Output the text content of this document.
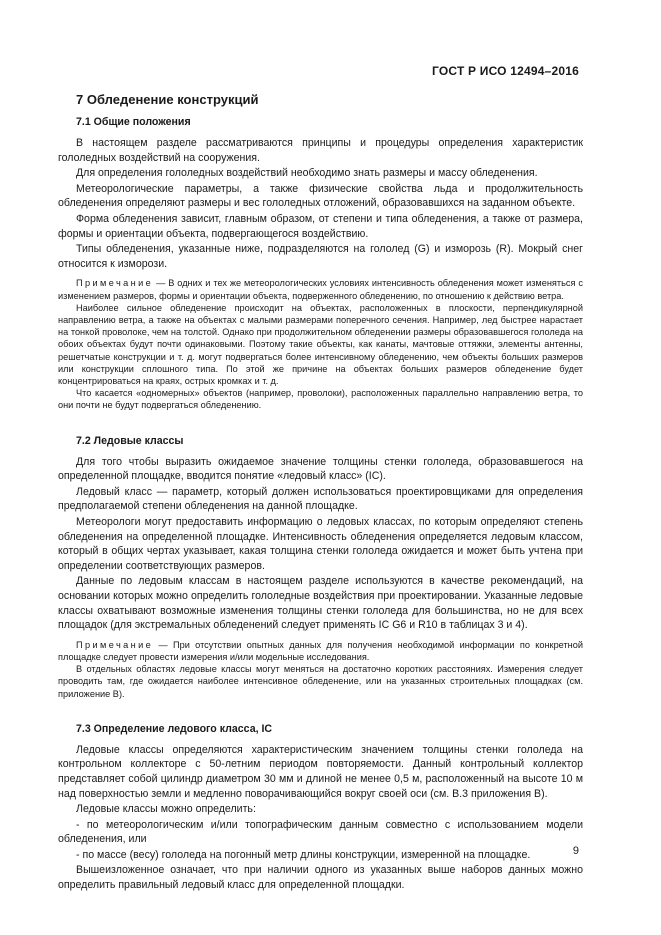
ГОСТ Р ИСО 12494–2016
7 Обледенение конструкций
7.1 Общие положения

В настоящем разделе рассматриваются принципы и процедуры определения характеристик гололедных воздействий на сооружения.

Для определения гололедных воздействий необходимо знать размеры и массу обледенения.

Метеорологические параметры, а также физические свойства льда и продолжительность обледенения определяют размеры и вес гололедных отложений, образовавшихся на заданном объекте.

Форма обледенения зависит, главным образом, от степени и типа обледенения, а также от размера, формы и ориентации объекта, подвергающегося воздействию.

Типы обледенения, указанные ниже, подразделяются на гололед (G) и изморозь (R). Мокрый снег относится к изморози.

Примечание — В одних и тех же метеорологических условиях интенсивность обледенения может изменяться с изменением размеров, формы и ориентации объекта, подверженного обледенению, по отношению к действию ветра.

Наиболее сильное обледенение происходит на объектах, расположенных в плоскости, перпендикулярной направлению ветра, а также на объектах с малыми размерами поперечного сечения. Например, лед быстрее нарастает на тонкой проволоке, чем на толстой. Однако при продолжительном обледенении размеры образовавшегося гололеда на обоих объектах будут почти одинаковыми. Поэтому такие объекты, как канаты, мачтовые оттяжки, элементы антенны, решетчатые конструкции и т. д. могут подвергаться более интенсивному обледенению, чем объекты больших размеров или конструкции сплошного типа. По этой же причине на объектах больших размеров обледенение будет концентрироваться на краях, острых кромках и т. д.

Что касается «одномерных» объектов (например, проволоки), расположенных параллельно направлению ветра, то они почти не будут подвергаться обледенению.

7.2 Ледовые классы

Для того чтобы выразить ожидаемое значение толщины стенки гололеда, образовавшегося на определенной площадке, вводится понятие «ледовый класс» (IC).

Ледовый класс — параметр, который должен использоваться проектировщиками для определения предполагаемой степени обледенения на данной площадке.

Метеорологи могут предоставить информацию о ледовых классах, по которым определяют степень обледенения на определенной площадке. Интенсивность обледенения определяется ледовым классом, который в общих чертах указывает, какая толщина стенки гололеда ожидается и может быть учтена при определении соответствующих размеров.

Данные по ледовым классам в настоящем разделе используются в качестве рекомендаций, на основании которых можно определить гололедные воздействия при проектировании. Указанные ледовые классы охватывают возможные изменения толщины стенки гололеда для большинства, но не для всех площадок (для экстремальных обледенений следует применять IC G6 и R10 в таблицах 3 и 4).

Примечание — При отсутствии опытных данных для получения необходимой информации по конкретной площадке следует провести измерения и/или модельные исследования.

В отдельных областях ледовые классы могут меняться на достаточно коротких расстояниях. Измерения следует проводить там, где ожидается наиболее интенсивное обледенение, или на указанных строительных площадках (см. приложение В).

7.3 Определение ледового класса, IC

Ледовые классы определяются характеристическим значением толщины стенки гололеда на контрольном коллекторе с 50-летним периодом повторяемости. Данный контрольный коллектор представляет собой цилиндр диаметром 30 мм и длиной не менее 0,5 м, расположенный на высоте 10 м над поверхностью земли и медленно поворачивающийся вокруг своей оси (см. В.3 приложения В).

Ледовые классы можно определить:

- по метеорологическим и/или топографическим данным совместно с использованием модели обледенения, или

- по массе (весу) гололеда на погонный метр длины конструкции, измеренной на площадке.

Вышеизложенное означает, что при наличии одного из указанных выше наборов данных можно определить правильный ледовый класс для определенной площадки.

9
